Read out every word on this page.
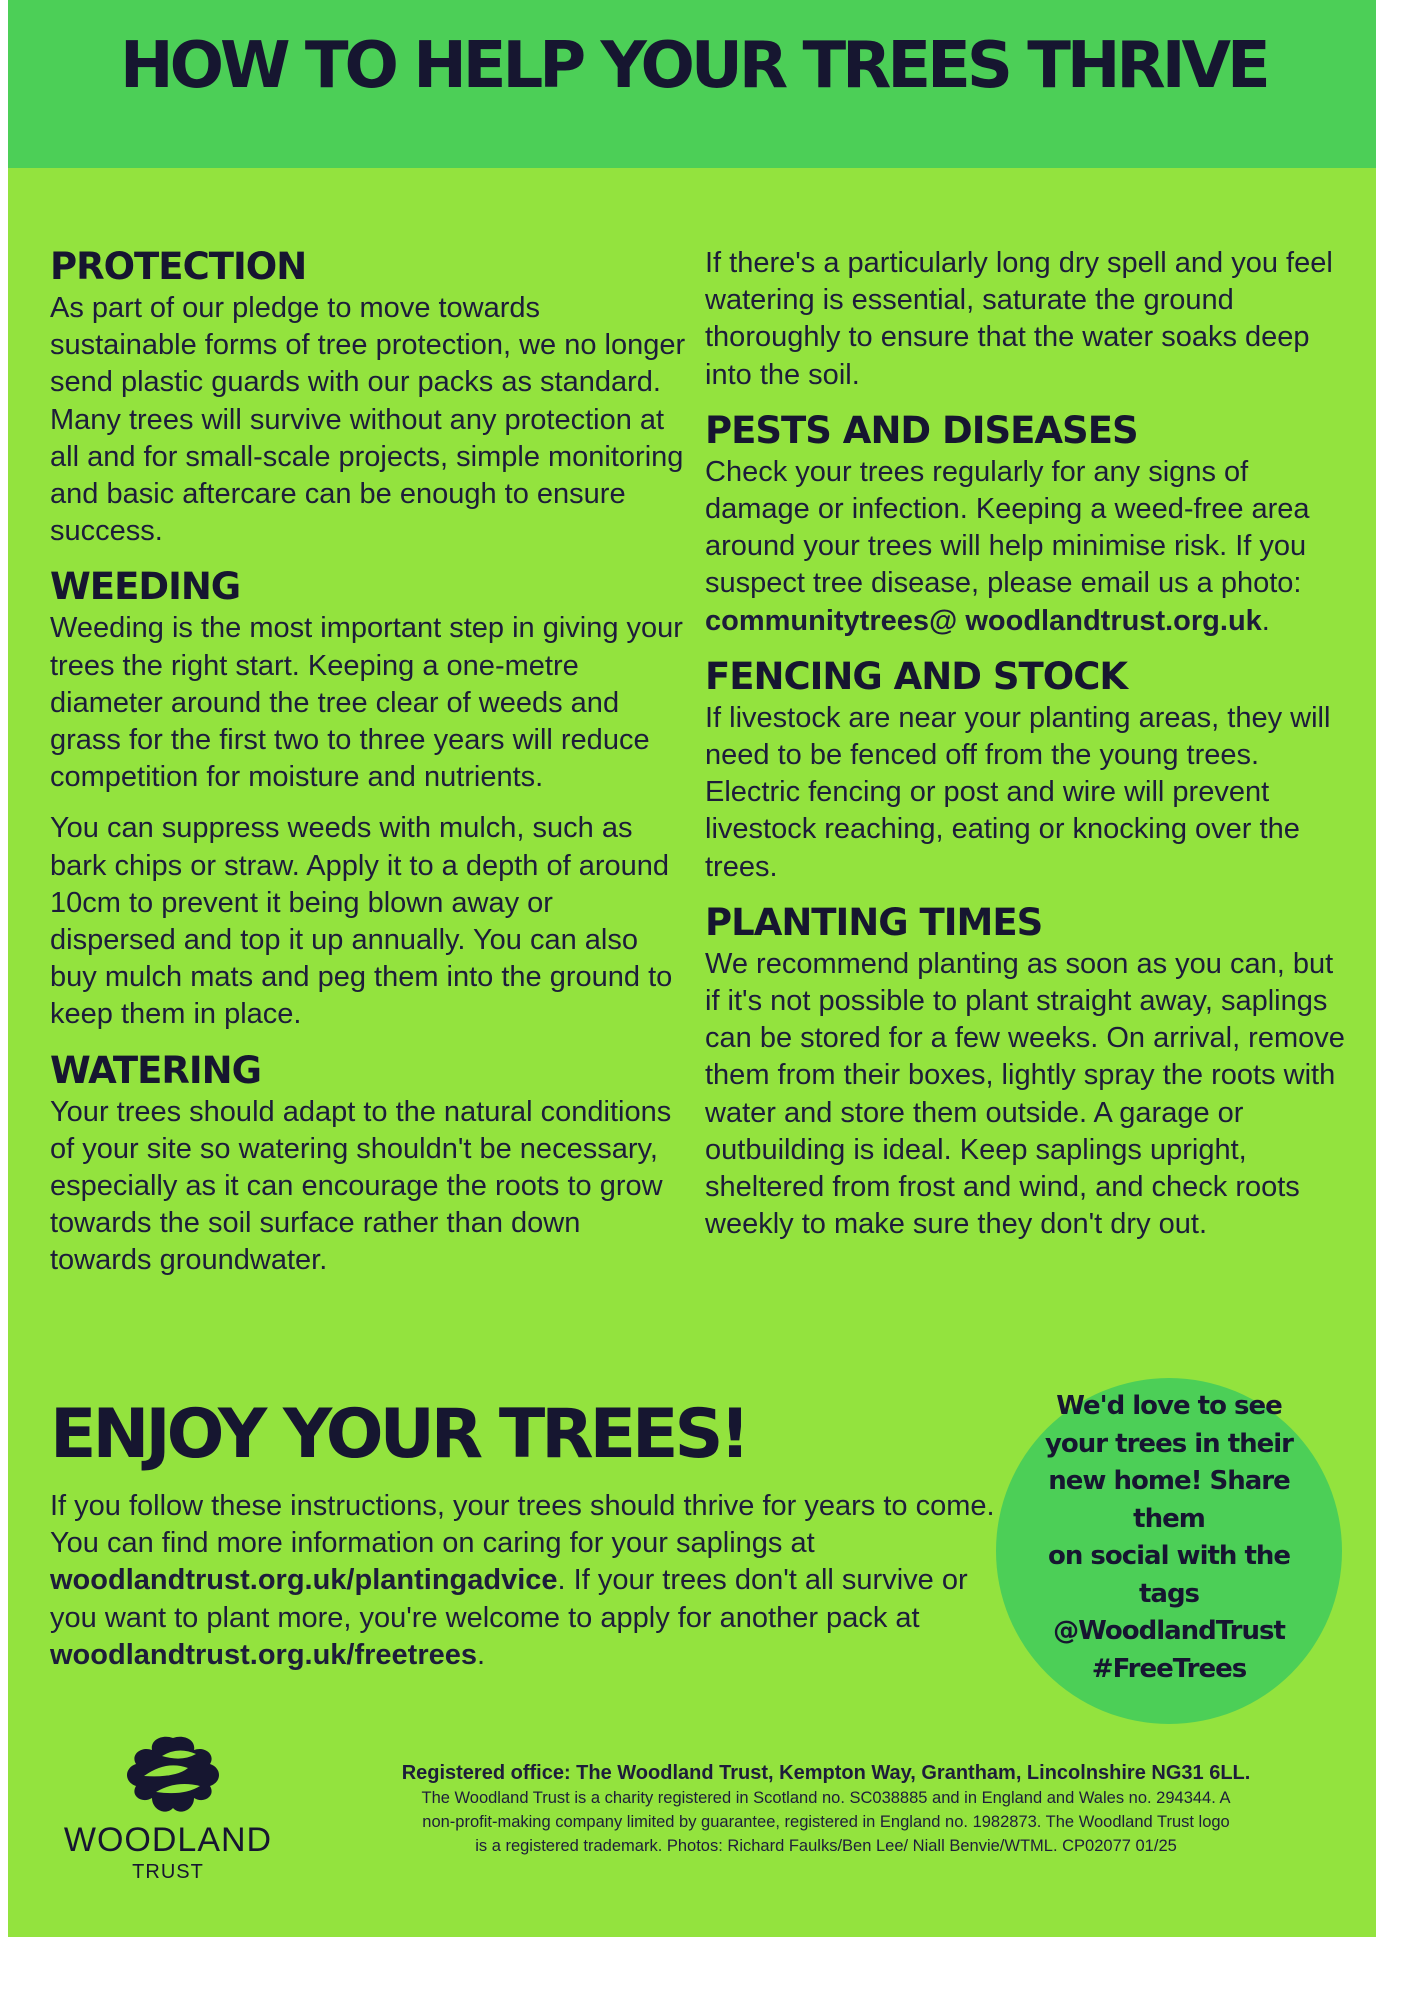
HOW TO HELP YOUR TREES THRIVE
PROTECTION

As part of our pledge to move towards sustainable forms of tree protection, we no longer send plastic guards with our packs as standard. Many trees will survive without any protection at all and for small-scale projects, simple monitoring and basic aftercare can be enough to ensure success.

WEEDING

Weeding is the most important step in giving your trees the right start. Keeping a one-metre diameter around the tree clear of weeds and grass for the first two to three years will reduce competition for moisture and nutrients.

You can suppress weeds with mulch, such as bark chips or straw. Apply it to a depth of around 10cm to prevent it being blown away or dispersed and top it up annually. You can also buy mulch mats and peg them into the ground to keep them in place.

WATERING

Your trees should adapt to the natural conditions of your site so watering shouldn't be necessary, especially as it can encourage the roots to grow towards the soil surface rather than down towards groundwater.

If there's a particularly long dry spell and you feel watering is essential, saturate the ground thoroughly to ensure that the water soaks deep into the soil.

PESTS AND DISEASES

Check your trees regularly for any signs of damage or infection. Keeping a weed-free area around your trees will help minimise risk. If you suspect tree disease, please email us a photo: communitytrees@ woodlandtrust.org.uk.

FENCING AND STOCK

If livestock are near your planting areas, they will need to be fenced off from the young trees. Electric fencing or post and wire will prevent livestock reaching, eating or knocking over the trees.

PLANTING TIMES

We recommend planting as soon as you can, but if it's not possible to plant straight away, saplings can be stored for a few weeks. On arrival, remove them from their boxes, lightly spray the roots with water and store them outside. A garage or outbuilding is ideal. Keep saplings upright, sheltered from frost and wind, and check roots weekly to make sure they don't dry out.

ENJOY YOUR TREES!

If you follow these instructions, your trees should thrive for years to come. You can find more information on caring for your saplings at woodlandtrust.org.uk/plantingadvice. If your trees don't all survive or you want to plant more, you're welcome to apply for another pack at woodlandtrust.org.uk/freetrees.

We'd love to see
your trees in their
new home! Share them
on social with the tags
@WoodlandTrust
#FreeTrees
WOODLAND
TRUST

Registered office: The Woodland Trust, Kempton Way, Grantham, Lincolnshire NG31 6LL.

The Woodland Trust is a charity registered in Scotland no. SC038885 and in England and Wales no. 294344. A

non-profit-making company limited by guarantee, registered in England no. 1982873. The Woodland Trust logo

is a registered trademark. Photos: Richard Faulks/Ben Lee/ Niall Benvie/WTML. CP02077 01/25
